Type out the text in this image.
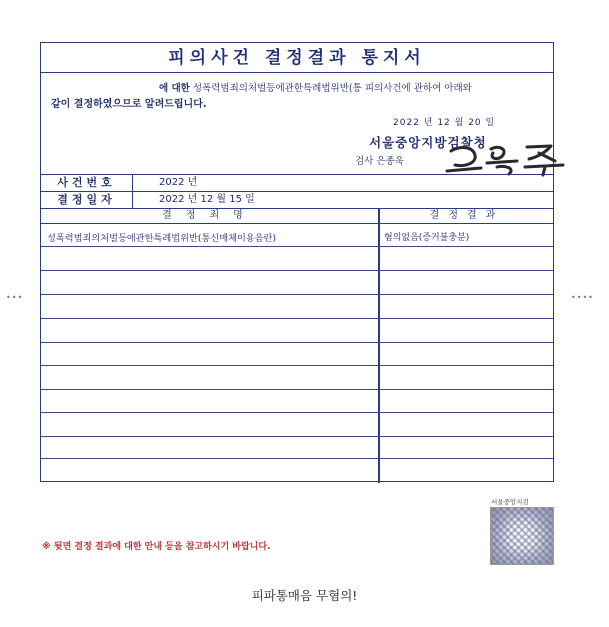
•••	••••
피의사건 결정결과 통지서
에 대한 성폭력범죄의처벌등에관한특례법위반(통 피의사건에 관하여 아래와
같이 결정하였으므로 알려드립니다.
2022 년 12 월 20 일
서울중앙지방검찰청
검사 은종욱
사건번호	2022 년
결정일자	2022 년 12 월 15 일
결정죄명	결정결과
성폭력범죄의처벌등에관한특례법위반(통신매체이용음란)	혐의없음(증거불충분)
※ 뒷면 결정 결과에 대한 안내 등을 참고하시기 바랍니다.
서울중앙지검
피파통매음 무혐의!
